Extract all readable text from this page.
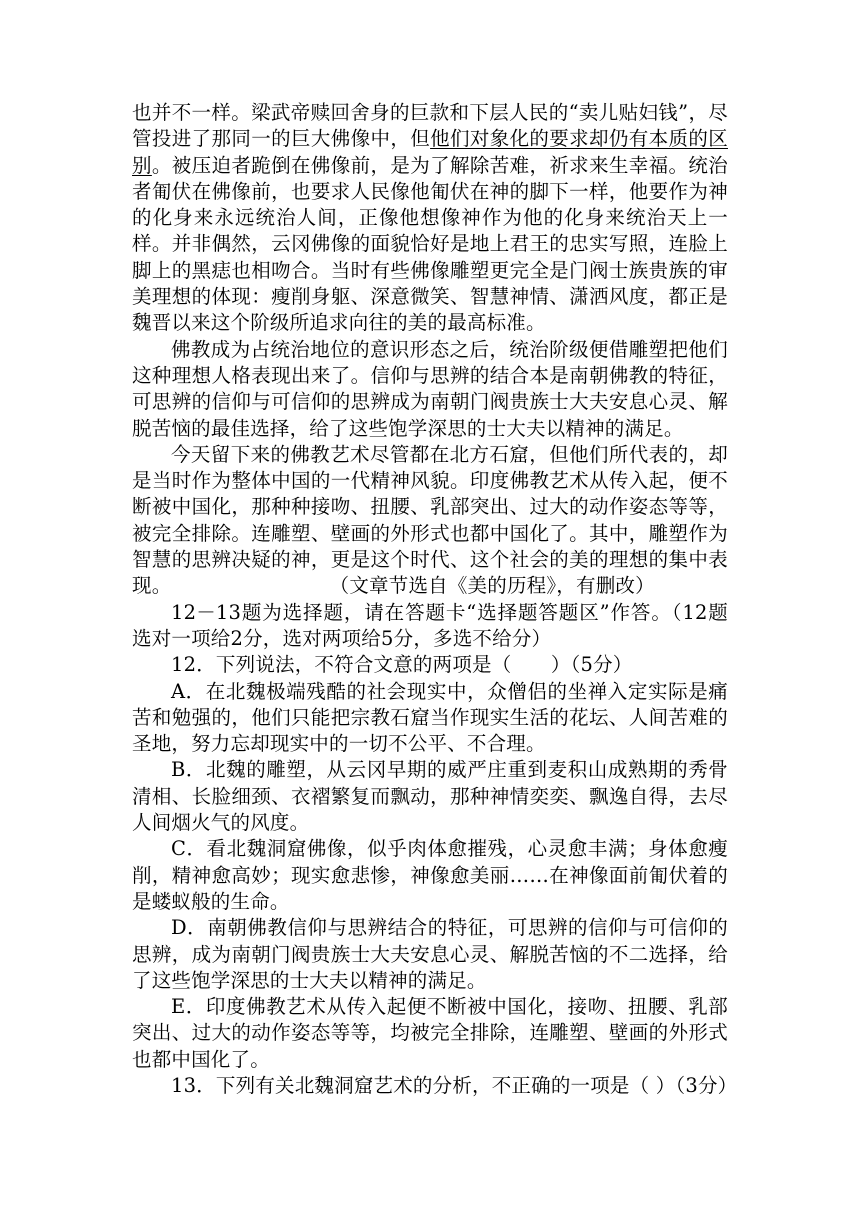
也并不一样。梁武帝赎回舍身的巨款和下层人民的“卖儿贴妇钱”，尽管投进了那同一的巨大佛像中，但他们对象化的要求却仍有本质的区别。被压迫者跪倒在佛像前，是为了解除苦难，祈求来生幸福。统治者匍伏在佛像前，也要求人民像他匍伏在神的脚下一样，他要作为神的化身来永远统治人间，正像他想像神作为他的化身来统治天上一样。并非偶然，云冈佛像的面貌恰好是地上君王的忠实写照，连脸上脚上的黑痣也相吻合。当时有些佛像雕塑更完全是门阀士族贵族的审美理想的体现：瘦削身躯、深意微笑、智慧神情、潇洒风度，都正是魏晋以来这个阶级所追求向往的美的最高标准。

佛教成为占统治地位的意识形态之后，统治阶级便借雕塑把他们这种理想人格表现出来了。信仰与思辨的结合本是南朝佛教的特征，可思辨的信仰与可信仰的思辨成为南朝门阀贵族士大夫安息心灵、解脱苦恼的最佳选择，给了这些饱学深思的士大夫以精神的满足。

今天留下来的佛教艺术尽管都在北方石窟，但他们所代表的，却是当时作为整体中国的一代精神风貌。印度佛教艺术从传入起，便不断被中国化，那种种接吻、扭腰、乳部突出、过大的动作姿态等等，被完全排除。连雕塑、壁画的外形式也都中国化了。其中，雕塑作为智慧的思辨决疑的神，更是这个时代、这个社会的美的理想的集中表现。	（文章节选自《美的历程》，有删改）

12－13题为选择题，请在答题卡“选择题答题区”作答。（12题选对一项给2分，选对两项给5分，多选不给分）

12．下列说法，不符合文意的两项是（　　）（5分）

A．在北魏极端残酷的社会现实中，众僧侣的坐禅入定实际是痛苦和勉强的，他们只能把宗教石窟当作现实生活的花坛、人间苦难的圣地，努力忘却现实中的一切不公平、不合理。

B．北魏的雕塑，从云冈早期的威严庄重到麦积山成熟期的秀骨清相、长脸细颈、衣褶繁复而飘动，那种神情奕奕、飘逸自得，去尽人间烟火气的风度。

C．看北魏洞窟佛像，似乎肉体愈摧残，心灵愈丰满；身体愈瘦削，精神愈高妙；现实愈悲惨，神像愈美丽……在神像面前匍伏着的是蝼蚁般的生命。

D．南朝佛教信仰与思辨结合的特征，可思辨的信仰与可信仰的思辨，成为南朝门阀贵族士大夫安息心灵、解脱苦恼的不二选择，给了这些饱学深思的士大夫以精神的满足。

E．印度佛教艺术从传入起便不断被中国化，接吻、扭腰、乳部突出、过大的动作姿态等等，均被完全排除，连雕塑、壁画的外形式也都中国化了。

13．下列有关北魏洞窟艺术的分析，不正确的一项是（ ）（3分）
